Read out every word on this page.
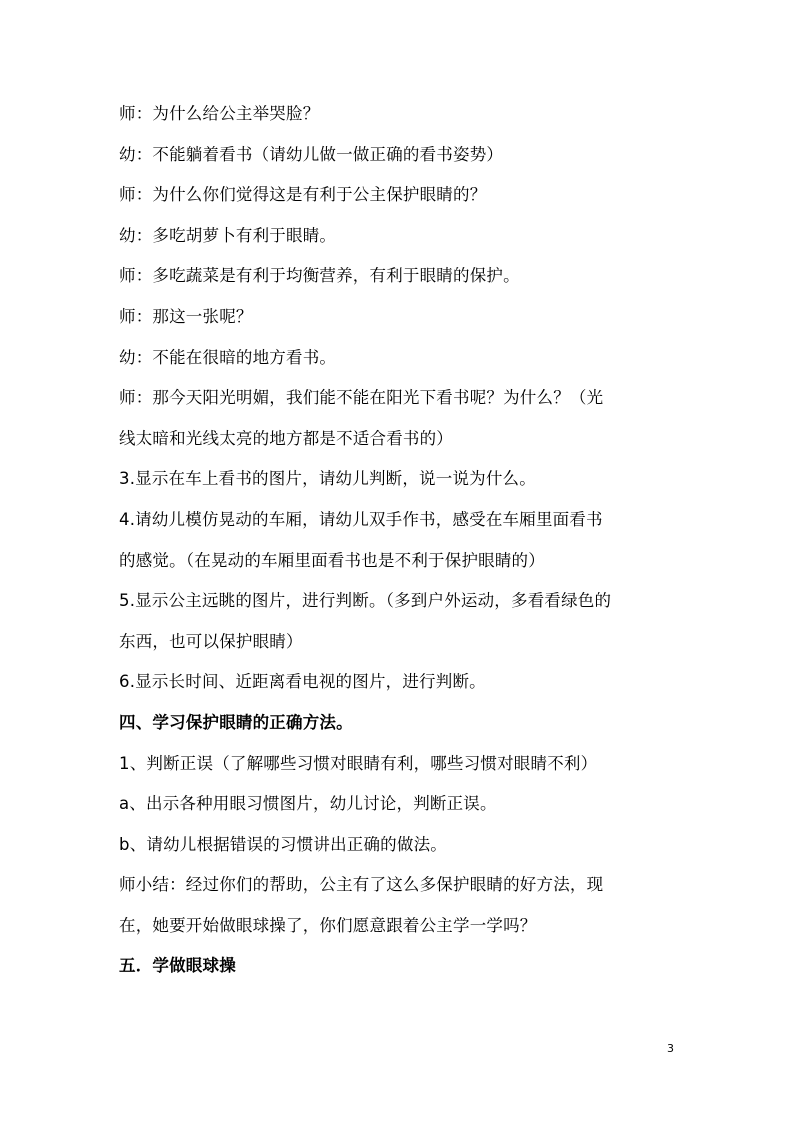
师：为什么给公主举哭脸？
幼：不能躺着看书（请幼儿做一做正确的看书姿势）
师：为什么你们觉得这是有利于公主保护眼睛的？
幼：多吃胡萝卜有利于眼睛。
师：多吃蔬菜是有利于均衡营养，有利于眼睛的保护。
师：那这一张呢？
幼：不能在很暗的地方看书。
师：那今天阳光明媚，我们能不能在阳光下看书呢？为什么？（光
线太暗和光线太亮的地方都是不适合看书的）
3.显示在车上看书的图片，请幼儿判断，说一说为什么。
4.请幼儿模仿晃动的车厢，请幼儿双手作书，感受在车厢里面看书
的感觉。（在晃动的车厢里面看书也是不利于保护眼睛的）
5.显示公主远眺的图片，进行判断。（多到户外运动，多看看绿色的
东西，也可以保护眼睛）
6.显示长时间、近距离看电视的图片，进行判断。
四、学习保护眼睛的正确方法。
1、判断正误（了解哪些习惯对眼睛有利，哪些习惯对眼睛不利）
a、出示各种用眼习惯图片，幼儿讨论，判断正误。
b、请幼儿根据错误的习惯讲出正确的做法。
师小结：经过你们的帮助，公主有了这么多保护眼睛的好方法，现
在，她要开始做眼球操了，你们愿意跟着公主学一学吗？
五．学做眼球操
3
